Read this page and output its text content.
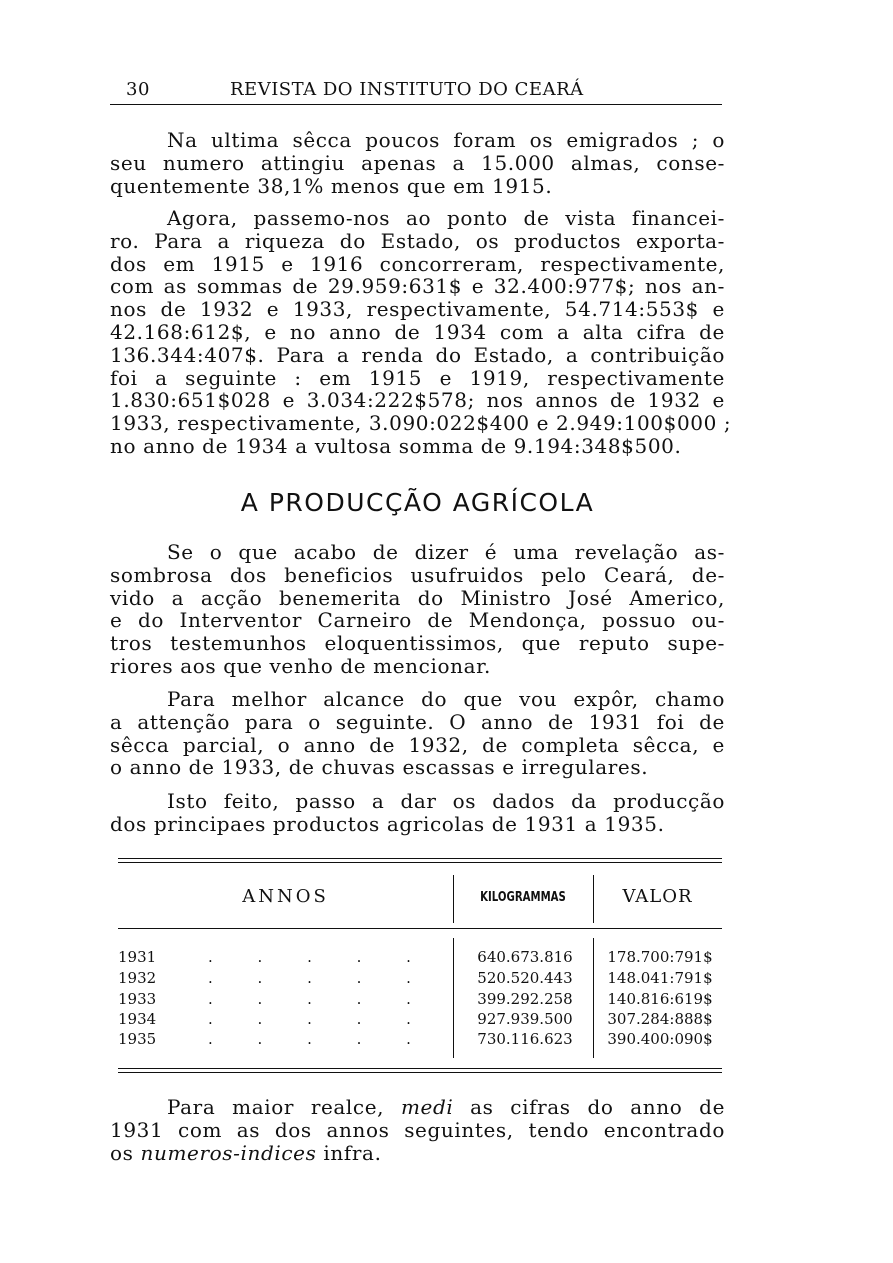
30	REVISTA DO INSTITUTO DO CEARÁ
Na ultima sêcca poucos foram os emigrados ; o
seu numero attingiu apenas a 15.000 almas, conse-
quentemente 38,1% menos que em 1915.
Agora, passemo-nos ao ponto de vista financei-
ro. Para a riqueza do Estado, os productos exporta-
dos em 1915 e 1916 concorreram, respectivamente,
com as sommas de 29.959:631$ e 32.400:977$; nos an-
nos de 1932 e 1933, respectivamente, 54.714:553$ e
42.168:612$, e no anno de 1934 com a alta cifra de
136.344:407$. Para a renda do Estado, a contribuição
foi a seguinte : em 1915 e 1919, respectivamente
1.830:651$028 e 3.034:222$578; nos annos de 1932 e
1933, respectivamente, 3.090:022$400 e 2.949:100$000 ;
no anno de 1934 a vultosa somma de 9.194:348$500.
A PRODUCÇÃO AGRÍCOLA
Se o que acabo de dizer é uma revelação as-
sombrosa dos beneficios usufruidos pelo Ceará, de-
vido a acção benemerita do Ministro José Americo,
e do Interventor Carneiro de Mendonça, possuo ou-
tros testemunhos eloquentissimos, que reputo supe-
riores aos que venho de mencionar.
Para melhor alcance do que vou expôr, chamo
a attenção para o seguinte. O anno de 1931 foi de
sêcca parcial, o anno de 1932, de completa sêcca, e
o anno de 1933, de chuvas escassas e irregulares.
Isto feito, passo a dar os dados da producção
dos principaes productos agricolas de 1931 a 1935.
ANNOS	KILOGRAMMAS	VALOR
1931	. . . . .	640.673.816	178.700:791$
1932	. . . . .	520.520.443	148.041:791$
1933	. . . . .	399.292.258	140.816:619$
1934	. . . . .	927.939.500	307.284:888$
1935	. . . . .	730.116.623	390.400:090$
Para maior realce, medi as cifras do anno de
1931 com as dos annos seguintes, tendo encontrado
os numeros-indices infra.
